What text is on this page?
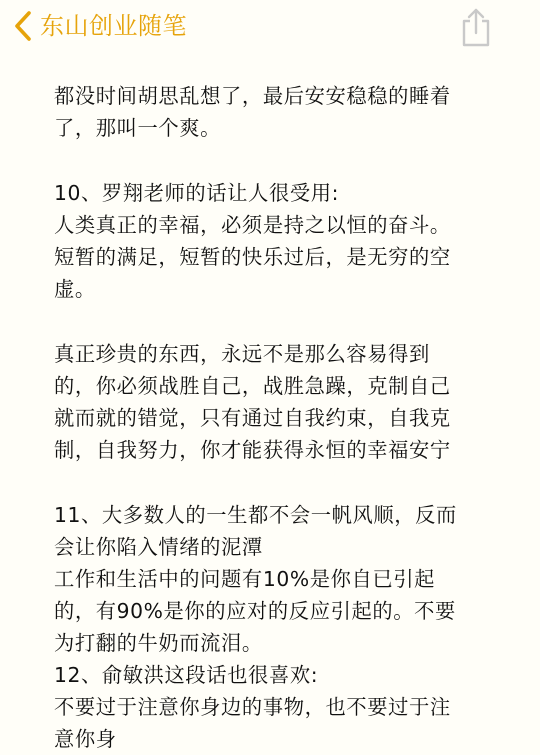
东山创业随笔
都没时间胡思乱想了，最后安安稳稳的睡着
了，那叫一个爽。
10、罗翔老师的话让人很受用:
人类真正的幸福，必须是持之以恒的奋斗。
短暂的满足，短暂的快乐过后，是无穷的空
虚。
真正珍贵的东西，永远不是那么容易得到
的，你必须战胜自己，战胜急躁，克制自己
就而就的错觉，只有通过自我约束，自我克
制，自我努力，你才能获得永恒的幸福安宁
11、大多数人的一生都不会一帆风顺，反而
会让你陷入情绪的泥潭
工作和生活中的问题有10%是你自已引起
的，有90%是你的应对的反应引起的。不要
为打翻的牛奶而流泪。
12、俞敏洪这段话也很喜欢:
不要过于注意你身边的事物，也不要过于注
意你身
